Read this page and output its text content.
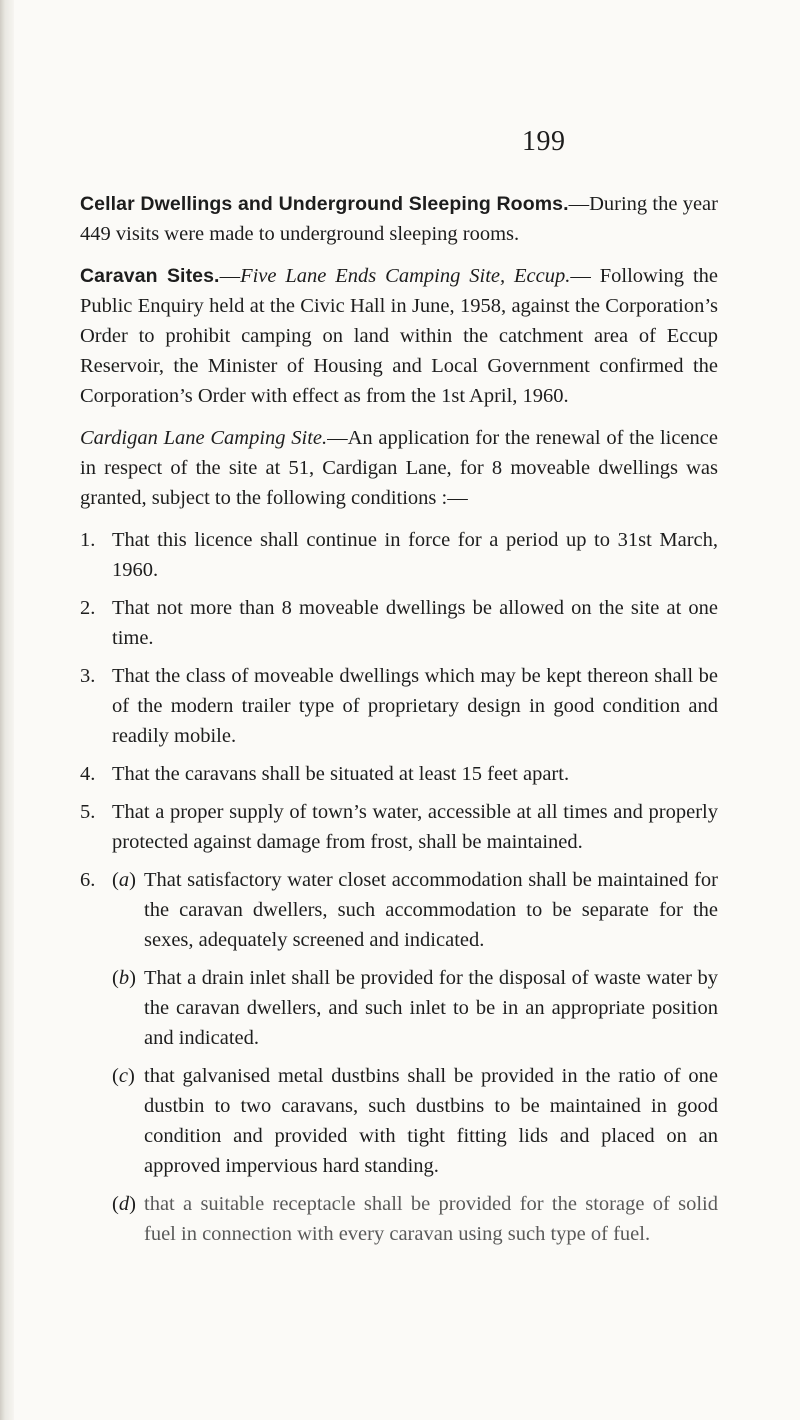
199

Cellar Dwellings and Underground Sleeping Rooms.—During the year 449 visits were made to underground sleeping rooms.

Caravan Sites.—Five Lane Ends Camping Site, Eccup.— Following the Public Enquiry held at the Civic Hall in June, 1958, against the Corporation’s Order to prohibit camping on land within the catchment area of Eccup Reservoir, the Minister of Housing and Local Government confirmed the Corporation’s Order with effect as from the 1st April, 1960.

Cardigan Lane Camping Site.—An application for the renewal of the licence in respect of the site at 51, Cardigan Lane, for 8 moveable dwellings was granted, subject to the following conditions :—

1. That this licence shall continue in force for a period up to 31st March, 1960.
2. That not more than 8 moveable dwellings be allowed on the site at one time.
3. That the class of moveable dwellings which may be kept thereon shall be of the modern trailer type of proprietary design in good condition and readily mobile.
4. That the caravans shall be situated at least 15 feet apart.
5. That a proper supply of town’s water, accessible at all times and properly protected against damage from frost, shall be maintained.
6. (a) That satisfactory water closet accommodation shall be maintained for the caravan dwellers, such accommodation to be separate for the sexes, adequately screened and indicated.
(b) That a drain inlet shall be provided for the disposal of waste water by the caravan dwellers, and such inlet to be in an appropriate position and indicated.
(c) that galvanised metal dustbins shall be provided in the ratio of one dustbin to two caravans, such dustbins to be maintained in good condition and provided with tight fitting lids and placed on an approved impervious hard standing.
(d) that a suitable receptacle shall be provided for the storage of solid fuel in connection with every caravan using such type of fuel.
